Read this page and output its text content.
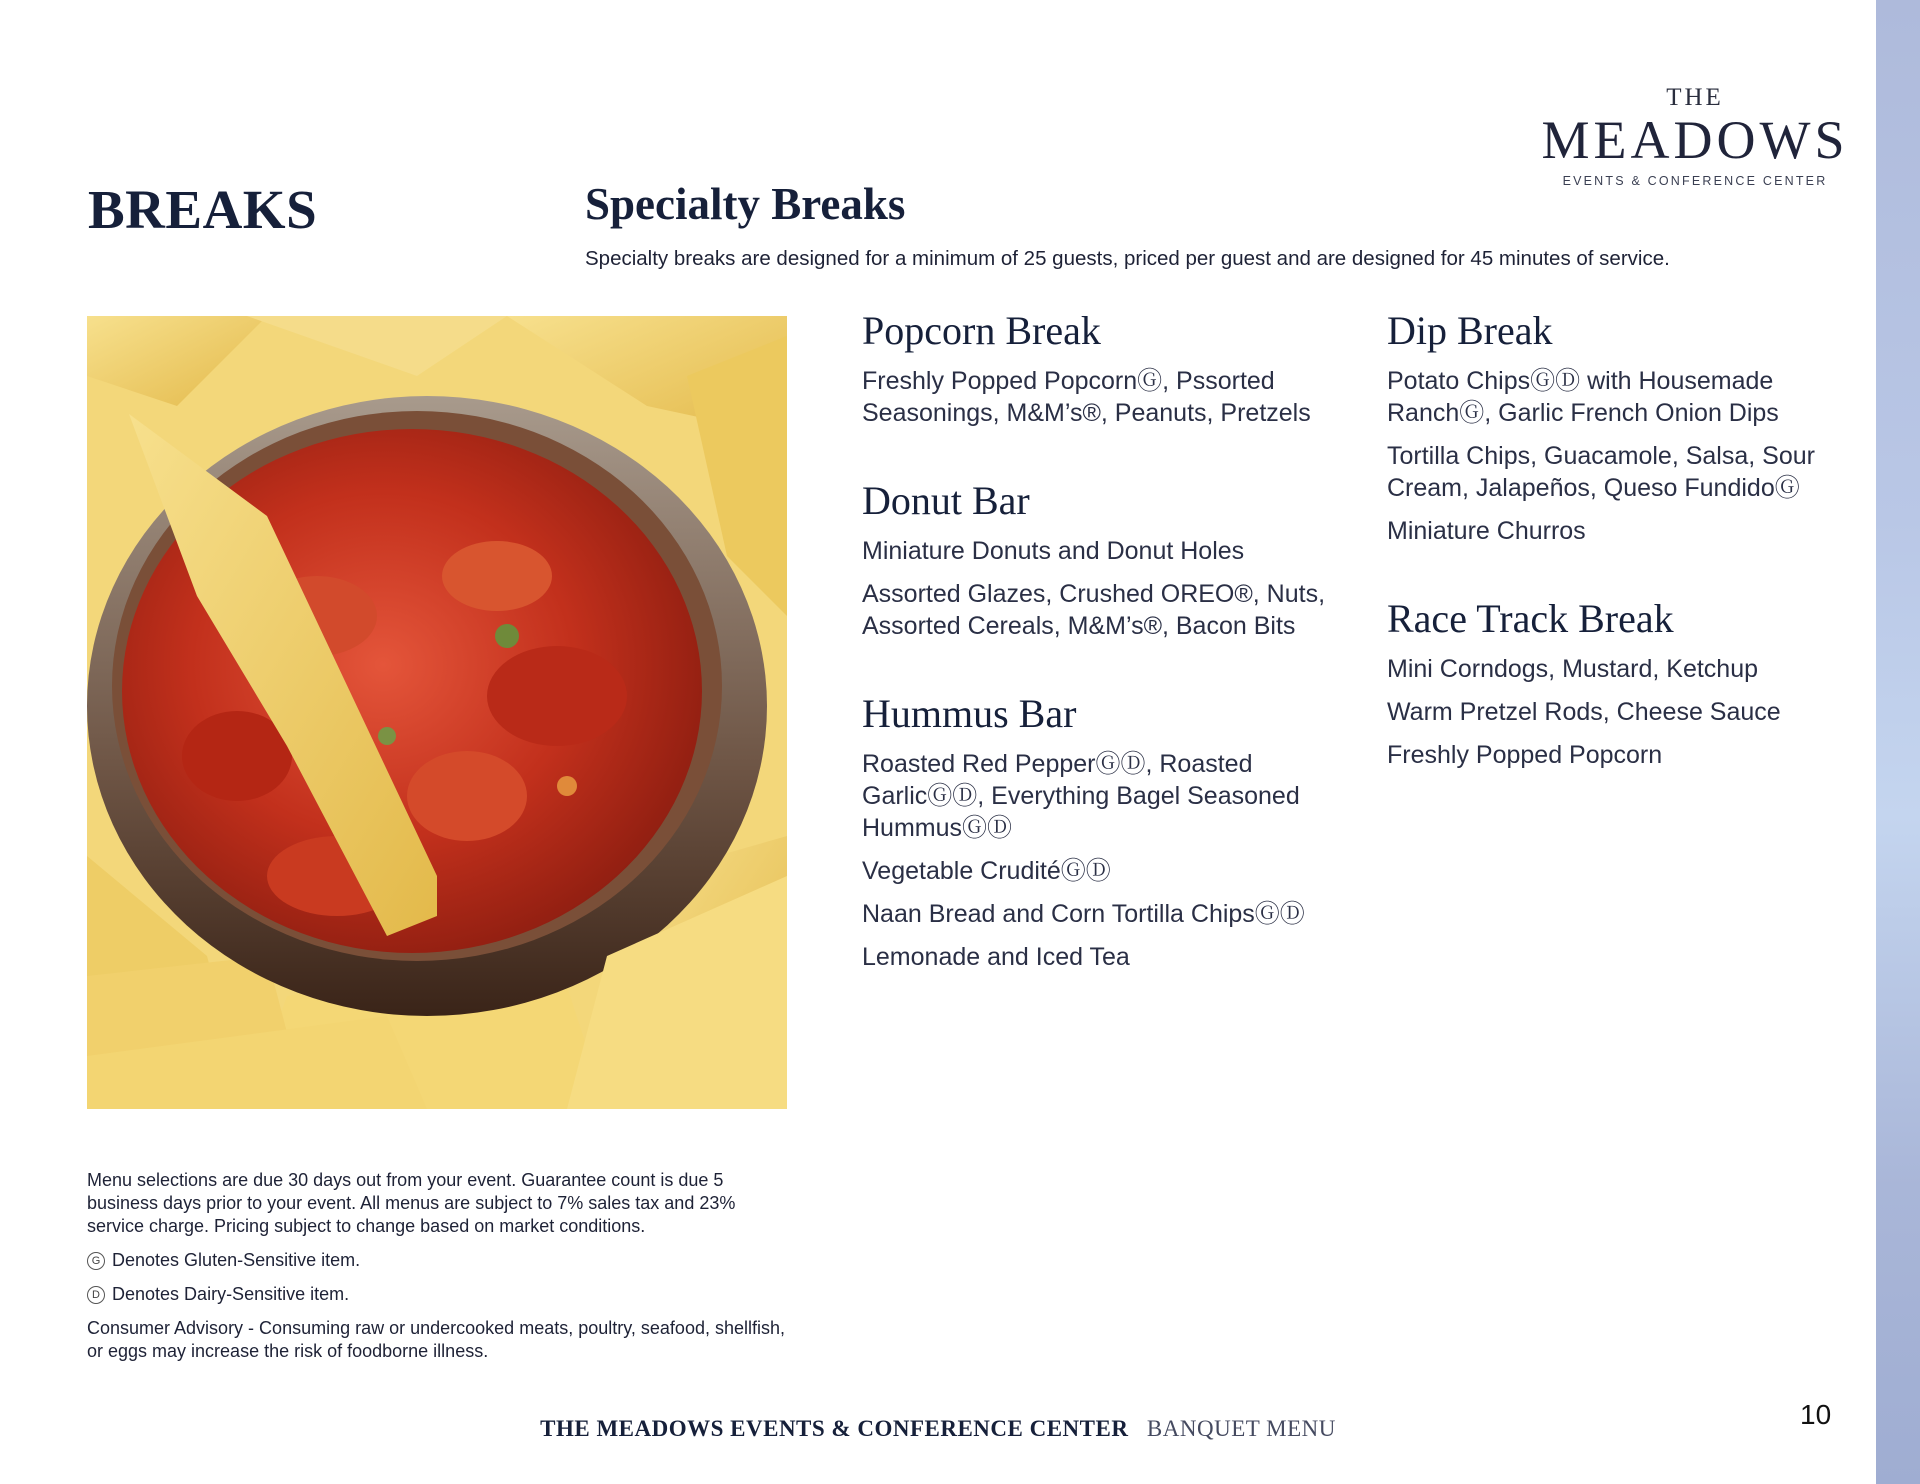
THE
MEADOWS
EVENTS & CONFERENCE CENTER
BREAKS	Specialty Breaks
Specialty breaks are designed for a minimum of 25 guests, priced per guest and are designed for 45 minutes of service.
Popcorn Break

Freshly Popped PopcornⒼ, Pssorted Seasonings, M&M’s®, Peanuts, Pretzels

Donut Bar

Miniature Donuts and Donut Holes

Assorted Glazes, Crushed OREO®, Nuts, Assorted Cereals, M&M’s®, Bacon Bits

Hummus Bar

Roasted Red PepperⒼⒹ, Roasted GarlicⒼⒹ, Everything Bagel Seasoned HummusⒼⒹ

Vegetable CruditéⒼⒹ

Naan Bread and Corn Tortilla ChipsⒼⒹ

Lemonade and Iced Tea

Dip Break

Potato ChipsⒼⒹ with Housemade RanchⒼ, Garlic French Onion Dips

Tortilla Chips, Guacamole, Salsa, Sour Cream, Jalapeños, Queso FundidoⒼ

Miniature Churros

Race Track Break

Mini Corndogs, Mustard, Ketchup

Warm Pretzel Rods, Cheese Sauce

Freshly Popped Popcorn

Menu selections are due 30 days out from your event. Guarantee count is due 5 business days prior to your event. All menus are subject to 7% sales tax and 23% service charge. Pricing subject to change based on market conditions.

G Denotes Gluten-Sensitive item.

D Denotes Dairy-Sensitive item.

Consumer Advisory - Consuming raw or undercooked meats, poultry, seafood, shellfish, or eggs may increase the risk of foodborne illness.

THE MEADOWS EVENTS & CONFERENCE CENTER BANQUET MENU	10
